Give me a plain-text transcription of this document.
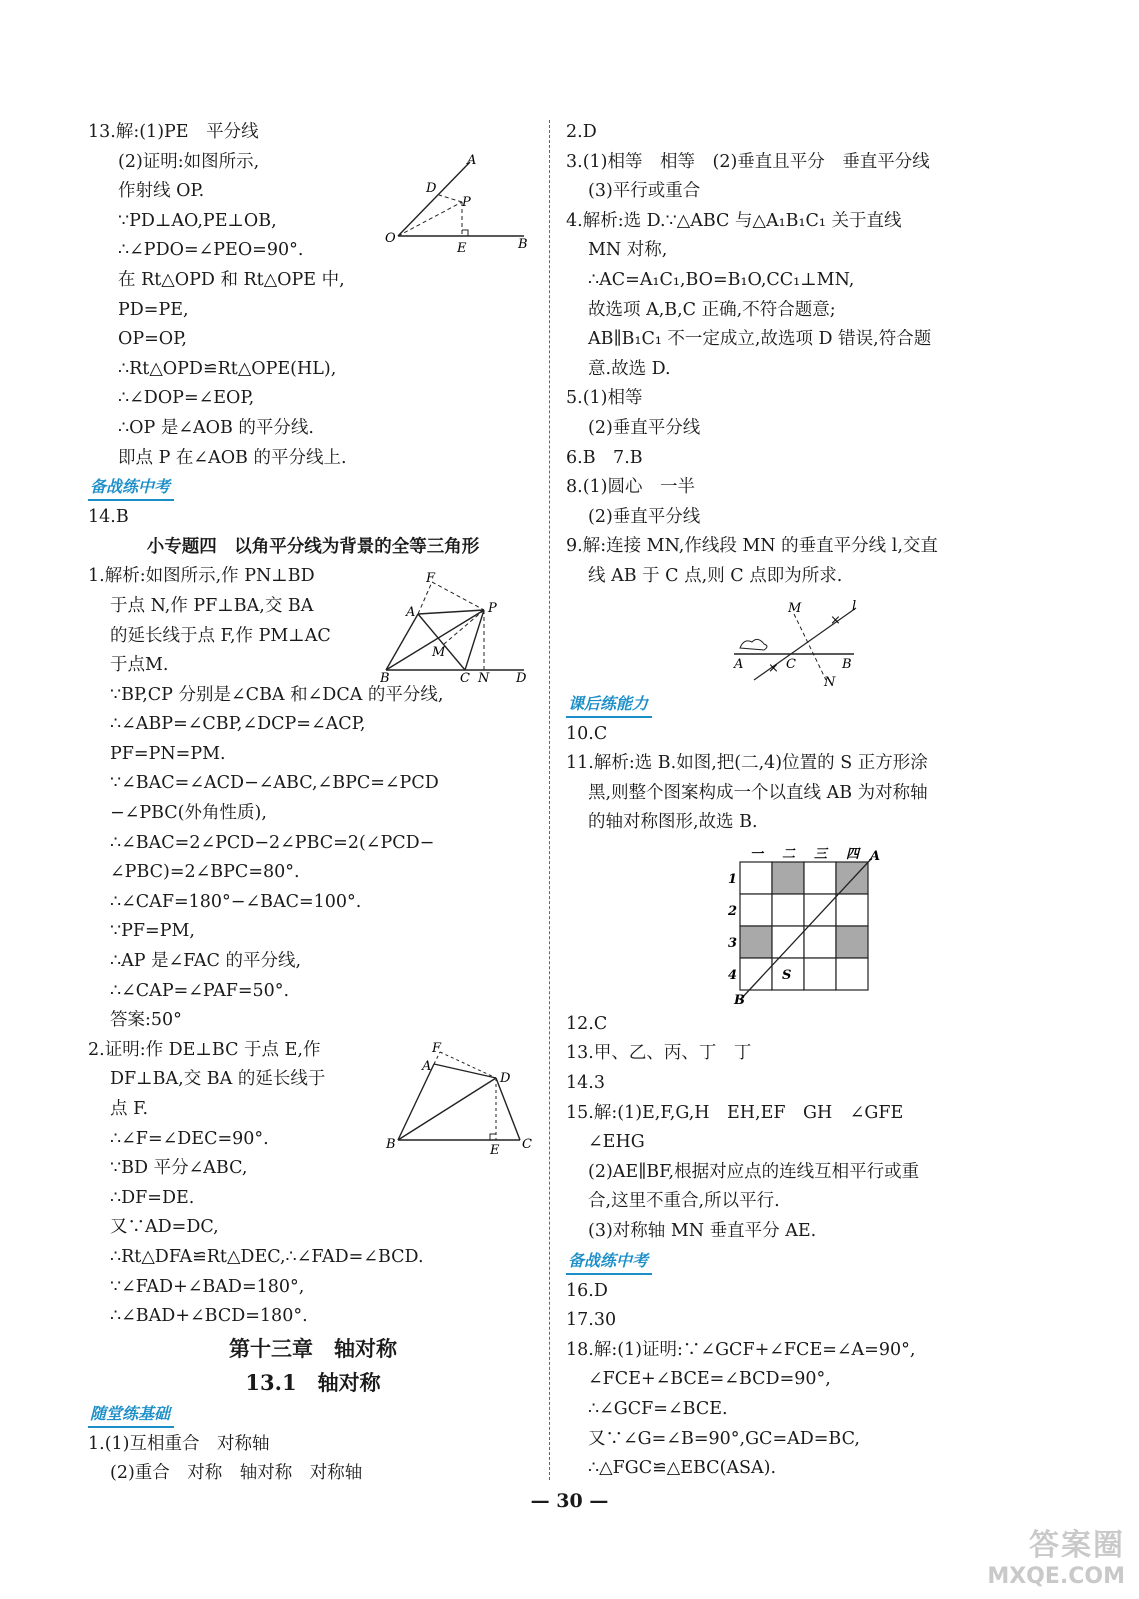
13.解:(1)PE　平分线
(2)证明:如图所示,
作射线 OP.
∵PD⊥AO,PE⊥OB,
∴∠PDO=∠PEO=90°.
在 Rt△OPD 和 Rt△OPE 中,
PD=PE,
OP=OP,
∴Rt△OPD≌Rt△OPE(HL),
∴∠DOP=∠EOP,
∴OP 是∠AOB 的平分线.
即点 P 在∠AOB 的平分线上.
备战练中考
14.B
小专题四　以角平分线为背景的全等三角形
1.解析:如图所示,作 PN⊥BD
于点 N,作 PF⊥BA,交 BA
的延长线于点 F,作 PM⊥AC
于点M.
∵BP,CP 分别是∠CBA 和∠DCA 的平分线,
∴∠ABP=∠CBP,∠DCP=∠ACP,
PF=PN=PM.
∵∠BAC=∠ACD−∠ABC,∠BPC=∠PCD
−∠PBC(外角性质),
∴∠BAC=2∠PCD−2∠PBC=2(∠PCD−
∠PBC)=2∠BPC=80°.
∴∠CAF=180°−∠BAC=100°.
∵PF=PM,
∴AP 是∠FAC 的平分线,
∴∠CAP=∠PAF=50°.
答案:50°
2.证明:作 DE⊥BC 于点 E,作
DF⊥BA,交 BA 的延长线于
点 F.
∴∠F=∠DEC=90°.
∵BD 平分∠ABC,
∴DF=DE.
又∵AD=DC,
∴Rt△DFA≌Rt△DEC,∴∠FAD=∠BCD.
∵∠FAD+∠BAD=180°,
∴∠BAD+∠BCD=180°.
第十三章　轴对称
13.1　轴对称
随堂练基础
1.(1)互相重合　对称轴
(2)重合　对称　轴对称　对称轴
2.D
3.(1)相等　相等　(2)垂直且平分　垂直平分线
(3)平行或重合
4.解析:选 D.∵△ABC 与△A₁B₁C₁ 关于直线
MN 对称,
∴AC=A₁C₁,BO=B₁O,CC₁⊥MN,
故选项 A,B,C 正确,不符合题意;
AB∥B₁C₁ 不一定成立,故选项 D 错误,符合题
意.故选 D.
5.(1)相等
(2)垂直平分线
6.B　7.B
8.(1)圆心　一半
(2)垂直平分线
9.解:连接 MN,作线段 MN 的垂直平分线 l,交直
线 AB 于 C 点,则 C 点即为所求.
课后练能力
10.C
11.解析:选 B.如图,把(二,4)位置的 S 正方形涂
黑,则整个图案构成一个以直线 AB 为对称轴
的轴对称图形,故选 B.
12.C
13.甲、乙、丙、丁　丁
14.3
15.解:(1)E,F,G,H　EH,EF　GH　∠GFE
∠EHG
(2)AE∥BF,根据对应点的连线互相平行或重
合,这里不重合,所以平行.
(3)对称轴 MN 垂直平分 AE.
备战练中考
16.D
17.30
18.解:(1)证明:∵∠GCF+∠FCE=∠A=90°,
∠FCE+∠BCE=∠BCD=90°,
∴∠GCF=∠BCE.
又∵∠G=∠B=90°,GC=AD=BC,
∴△FGC≌△EBC(ASA).
O
A
B
D
P
E
F
A	P
M
B	C N D
F
A
D
B	C
E
×
×
M	l
A	C	B
N
一 二 三 四
1
2
3
4	S
A
B
— 30 —
答案圈
MXQE.COM
